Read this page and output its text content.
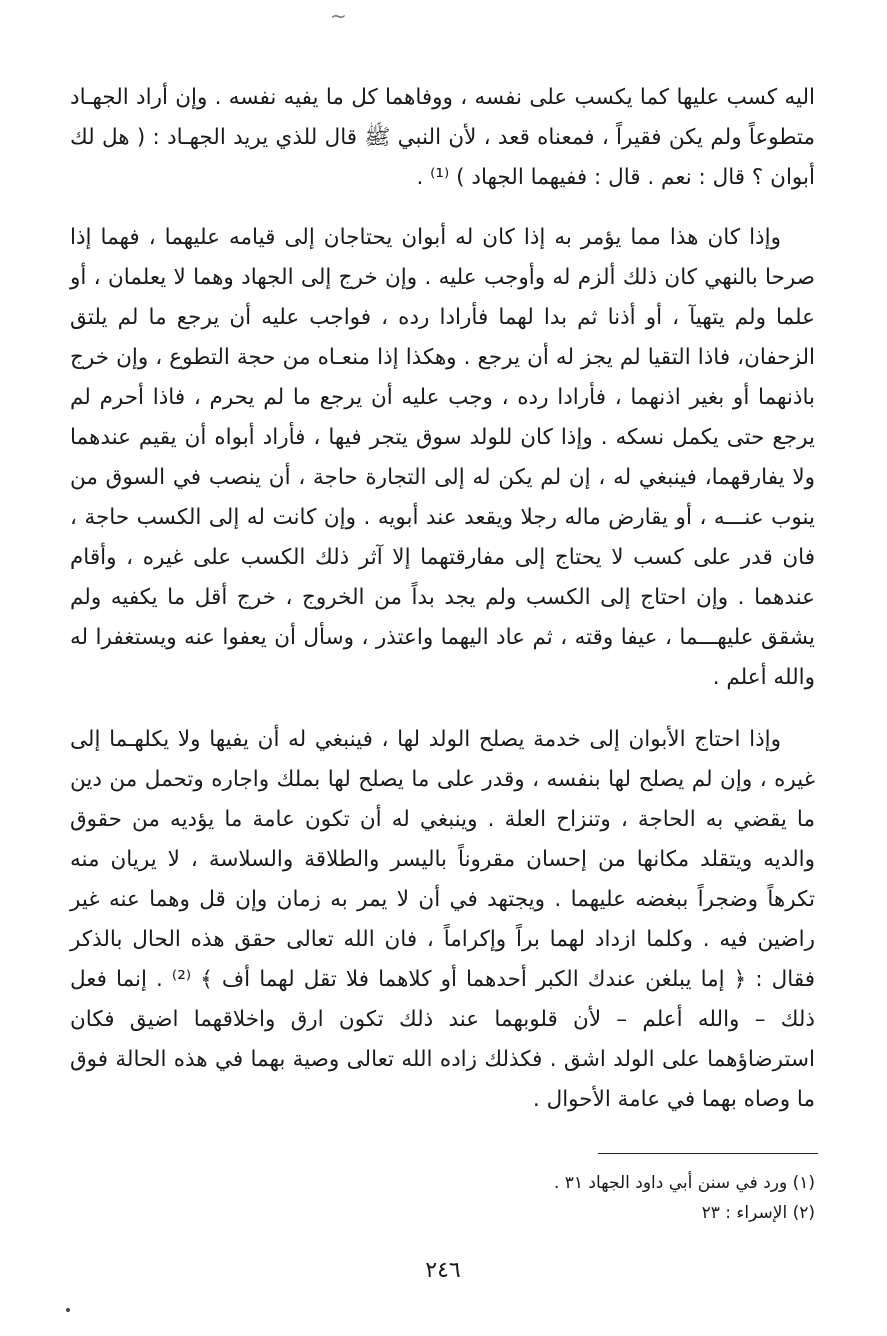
~

اليه كسب عليها كما يكسب على نفسه ، ووفاهما كل ما يفيه نفسه . وإن أراد الجهـاد متطوعاً ولم يكن فقيراً ، فمعناه قعد ، لأن النبي ﷺ قال للذي يريد الجهـاد : ( هل لك أبوان ؟ قال : نعم . قال : ففيهما الجهاد ) ⁽¹⁾ .

وإذا كان هذا مما يؤمر به إذا كان له أبوان يحتاجان إلى قيامه عليهما ، فهما إذا صرحا بالنهي كان ذلك ألزم له وأوجب عليه . وإن خرج إلى الجهاد وهما لا يعلمان ، أو علما ولم يتهيآ ، أو أذنا ثم بدا لهما فأرادا رده ، فواجب عليه أن يرجع ما لم يلتق الزحفان، فاذا التقيا لم يجز له أن يرجع . وهكذا إذا منعـاه من حجة التطوع ، وإن خرج باذنهما أو بغير اذنهما ، فأرادا رده ، وجب عليه أن يرجع ما لم يحرم ، فاذا أحرم لم يرجع حتى يكمل نسكه . وإذا كان للولد سوق يتجر فيها ، فأراد أبواه أن يقيم عندهما ولا يفارقهما، فينبغي له ، إن لم يكن له إلى التجارة حاجة ، أن ينصب في السوق من ينوب عنـــه ، أو يقارض ماله رجلا ويقعد عند أبويه . وإن كانت له إلى الكسب حاجة ، فان قدر على كسب لا يحتاج إلى مفارقتهما إلا آثر ذلك الكسب على غيره ، وأقام عندهما . وإن احتاج إلى الكسب ولم يجد بداً من الخروج ، خرج أقل ما يكفيه ولم يشقق عليهـــما ، عيفا وقته ، ثم عاد اليهما واعتذر ، وسأل أن يعفوا عنه ويستغفرا له والله أعلم .

وإذا احتاج الأبوان إلى خدمة يصلح الولد لها ، فينبغي له أن يفيها ولا يكلهـما إلى غيره ، وإن لم يصلح لها بنفسه ، وقدر على ما يصلح لها بملك واجاره وتحمل من دين ما يقضي به الحاجة ، وتنزاح العلة . وينبغي له أن تكون عامة ما يؤديه من حقوق والديه ويتقلد مكانها من إحسان مقروناً باليسر والطلاقة والسلاسة ، لا يريان منه تكرهاً وضجراً ببغضه عليهما . ويجتهد في أن لا يمر به زمان وإن قل وهما عنه غير راضين فيه . وكلما ازداد لهما براً وإكراماً ، فان الله تعالى حقق هذه الحال بالذكر فقال : ﴿ إما يبلغن عندك الكبر أحدهما أو كلاهما فلا تقل لهما أف ﴾ ⁽²⁾ . إنما فعل ذلك – والله أعلم – لأن قلوبهما عند ذلك تكون ارق واخلاقهما اضيق فكان استرضاؤهما على الولد اشق . فكذلك زاده الله تعالى وصية بهما في هذه الحالة فوق ما وصاه بهما في عامة الأحوال .

(١) ورد في سنن أبي داود الجهاد ٣١ .
(٢) الإسراء : ٢٣
٢٤٦
